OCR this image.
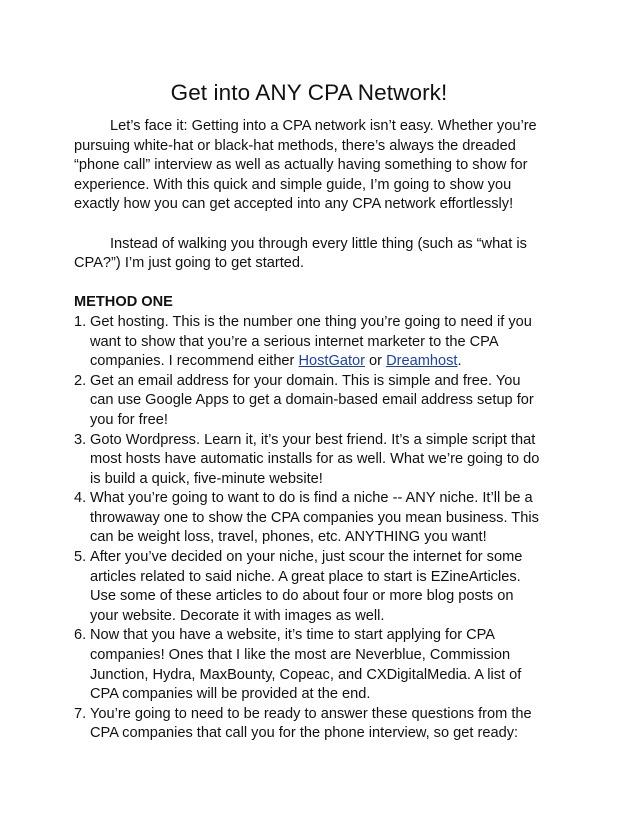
Get into ANY CPA Network!

Let’s face it: Getting into a CPA network isn’t easy. Whether you’re pursuing white-hat or black-hat methods, there’s always the dreaded “phone call” interview as well as actually having something to show for experience. With this quick and simple guide, I’m going to show you exactly how you can get accepted into any CPA network effortlessly!

Instead of walking you through every little thing (such as “what is CPA?”) I’m just going to get started.

METHOD ONE
1. Get hosting. This is the number one thing you’re going to need if you want to show that you’re a serious internet marketer to the CPA companies. I recommend either HostGator or Dreamhost.
2. Get an email address for your domain. This is simple and free. You can use Google Apps to get a domain-based email address setup for you for free!
3. Goto Wordpress. Learn it, it’s your best friend. It’s a simple script that most hosts have automatic installs for as well. What we’re going to do is build a quick, five-minute website!
4. What you’re going to want to do is find a niche -- ANY niche. It’ll be a throwaway one to show the CPA companies you mean business. This can be weight loss, travel, phones, etc. ANYTHING you want!
5. After you’ve decided on your niche, just scour the internet for some articles related to said niche. A great place to start is EZineArticles. Use some of these articles to do about four or more blog posts on your website. Decorate it with images as well.
6. Now that you have a website, it’s time to start applying for CPA companies! Ones that I like the most are Neverblue, Commission Junction, Hydra, MaxBounty, Copeac, and CXDigitalMedia. A list of CPA companies will be provided at the end.
7. You’re going to need to be ready to answer these questions from the CPA companies that call you for the phone interview, so get ready:
